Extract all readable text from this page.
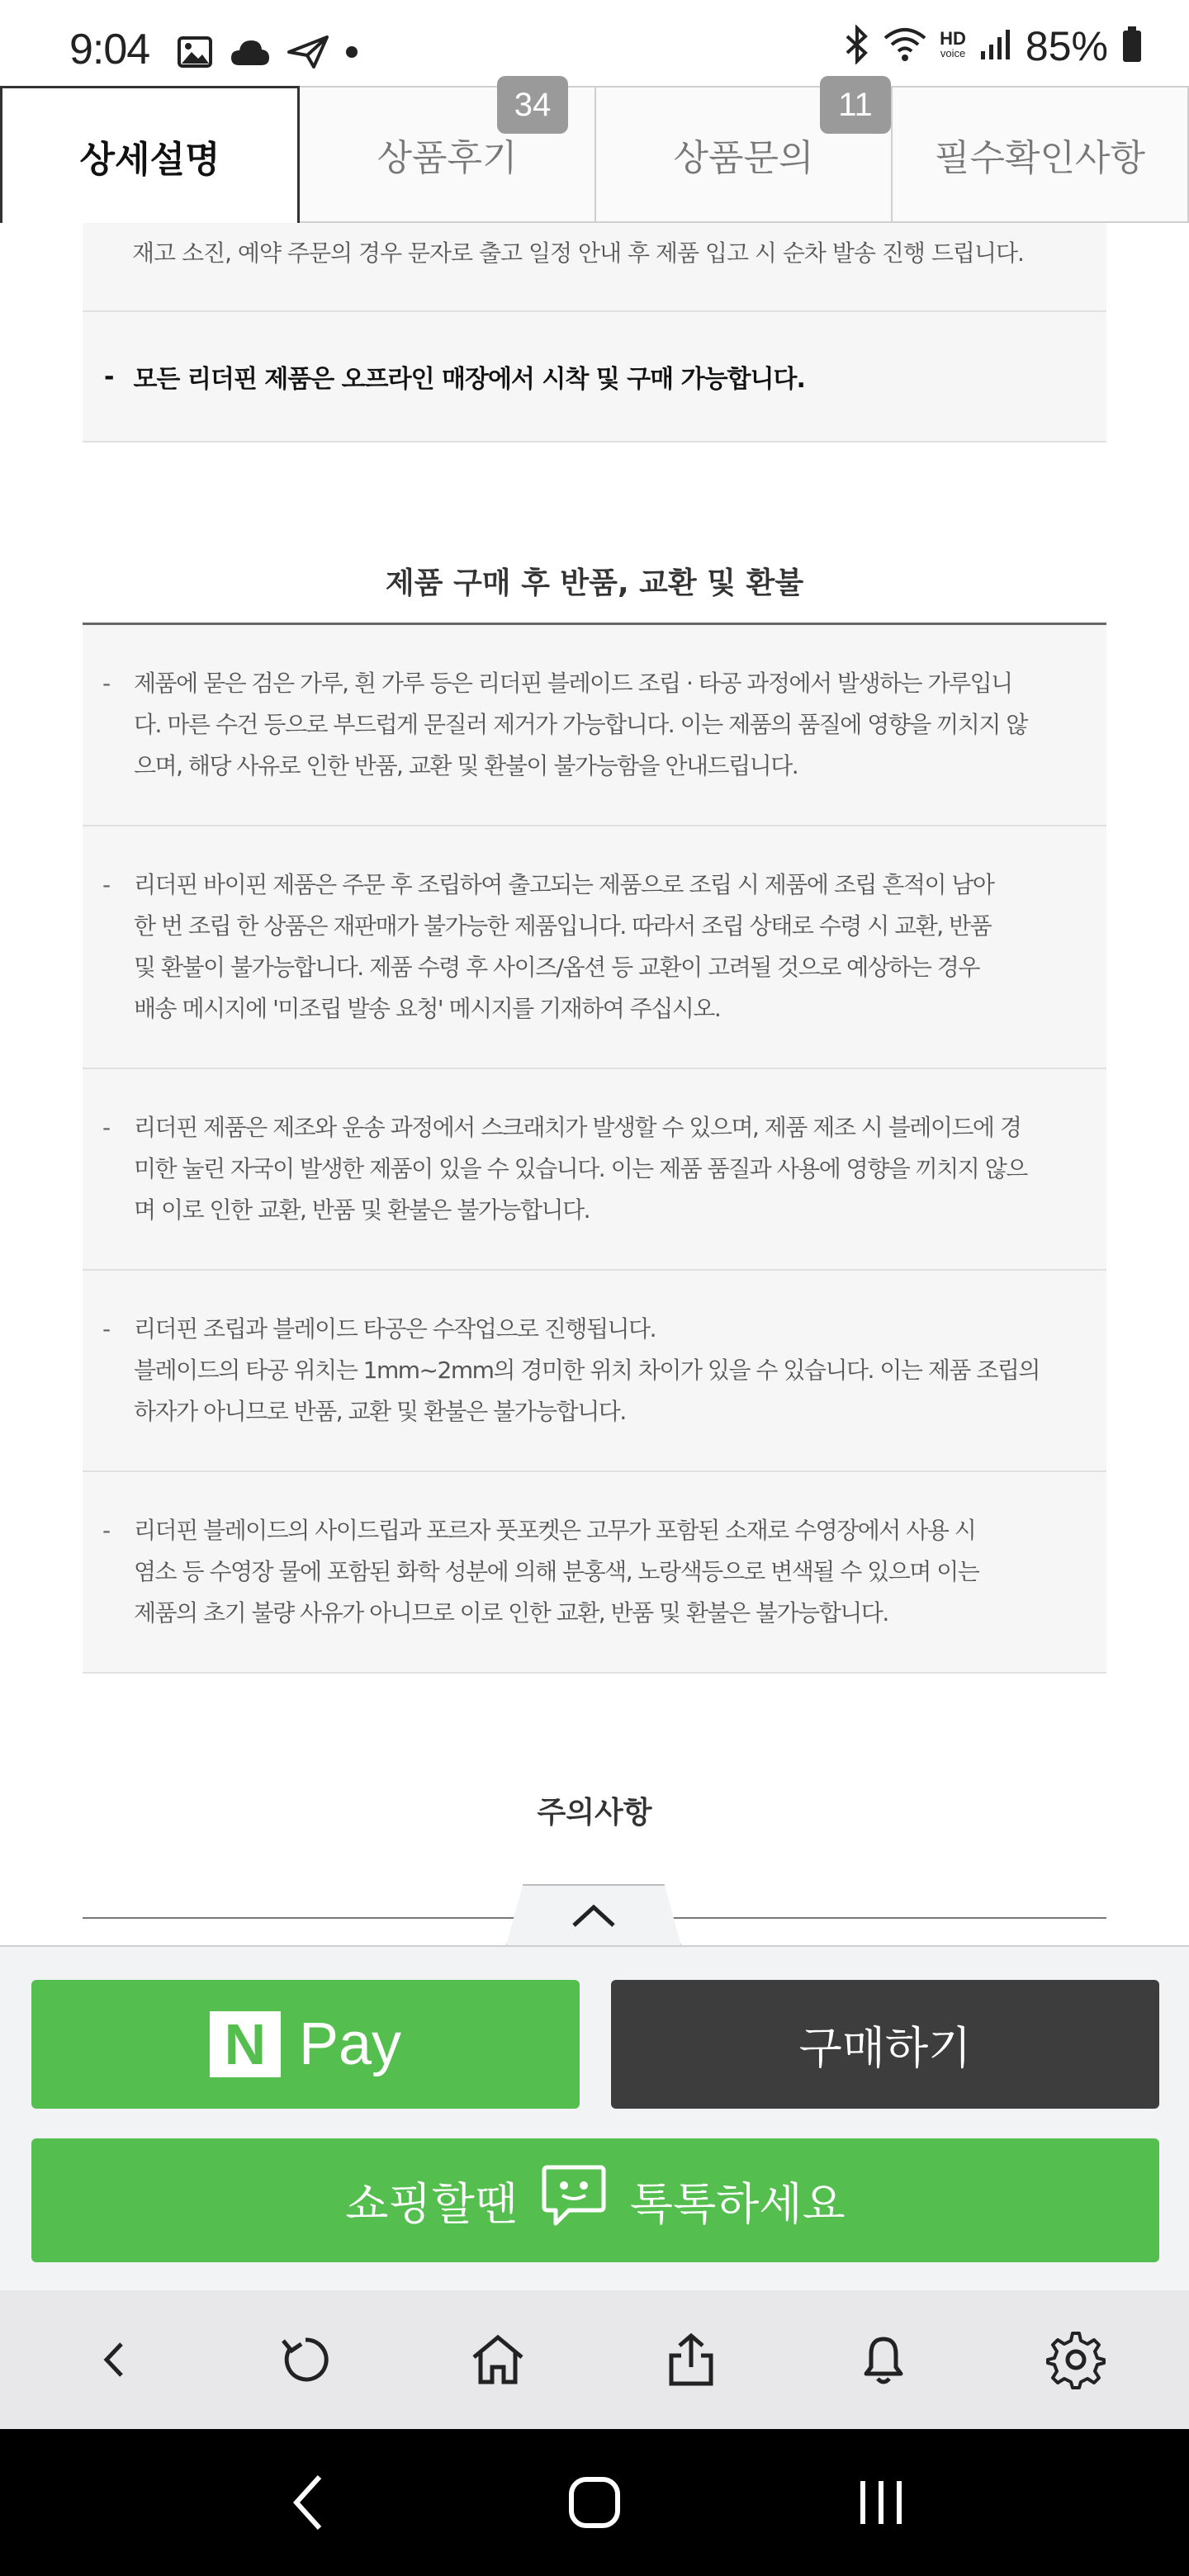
9:04	HD
voice 85%
상세설명	상품후기
34
상품문의
11
필수확인사항
재고 소진, 예약 주문의 경우 문자로 출고 일정 안내 후 제품 입고 시 순차 발송 진행 드립니다.
- 모든 리더핀 제품은 오프라인 매장에서 시착 및 구매 가능합니다.
제품 구매 후 반품, 교환 및 환불
- 제품에 묻은 검은 가루, 흰 가루 등은 리더핀 블레이드 조립 · 타공 과정에서 발생하는 가루입니
다. 마른 수건 등으로 부드럽게 문질러 제거가 가능합니다. 이는 제품의 품질에 영향을 끼치지 않
으며, 해당 사유로 인한 반품, 교환 및 환불이 불가능함을 안내드립니다.

- 리더핀 바이핀 제품은 주문 후 조립하여 출고되는 제품으로 조립 시 제품에 조립 흔적이 남아
한 번 조립 한 상품은 재판매가 불가능한 제품입니다. 따라서 조립 상태로 수령 시 교환, 반품
및 환불이 불가능합니다. 제품 수령 후 사이즈/옵션 등 교환이 고려될 것으로 예상하는 경우
배송 메시지에 '미조립 발송 요청' 메시지를 기재하여 주십시오.

- 리더핀 제품은 제조와 운송 과정에서 스크래치가 발생할 수 있으며, 제품 제조 시 블레이드에 경
미한 눌린 자국이 발생한 제품이 있을 수 있습니다. 이는 제품 품질과 사용에 영향을 끼치지 않으
며 이로 인한 교환, 반품 및 환불은 불가능합니다.

- 리더핀 조립과 블레이드 타공은 수작업으로 진행됩니다.
블레이드의 타공 위치는 1mm~2mm의 경미한 위치 차이가 있을 수 있습니다. 이는 제품 조립의
하자가 아니므로 반품, 교환 및 환불은 불가능합니다.

- 리더핀 블레이드의 사이드립과 포르자 풋포켓은 고무가 포함된 소재로 수영장에서 사용 시
염소 등 수영장 물에 포함된 화학 성분에 의해 분홍색, 노랑색등으로 변색될 수 있으며 이는
제품의 초기 불량 사유가 아니므로 이로 인한 교환, 반품 및 환불은 불가능합니다.

주의사항
N Pay	구매하기
쇼핑할땐	톡톡하세요
